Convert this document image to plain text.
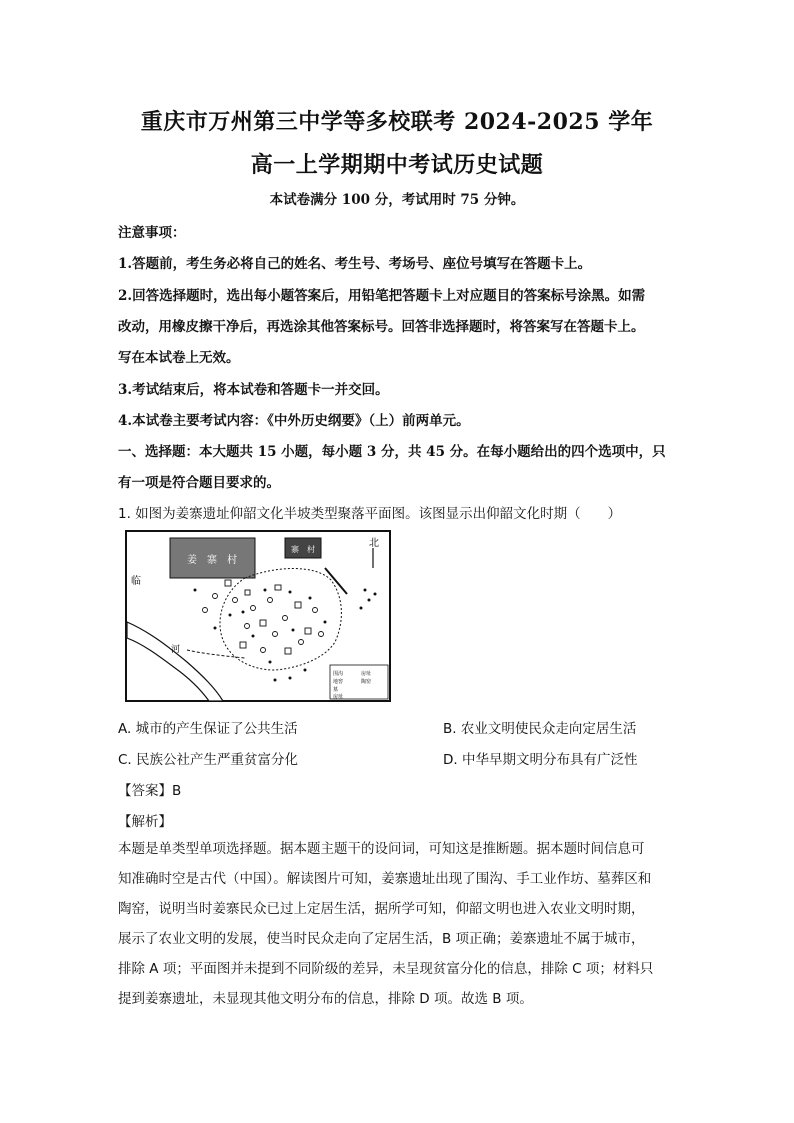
重庆市万州第三中学等多校联考 2024-2025 学年
高一上学期期中考试历史试题
本试卷满分 100 分，考试用时 75 分钟。
注意事项：
1.答题前，考生务必将自己的姓名、考生号、考场号、座位号填写在答题卡上。
2.回答选择题时，选出每小题答案后，用铅笔把答题卡上对应题目的答案标号涂黑。如需
改动，用橡皮擦干净后，再选涂其他答案标号。回答非选择题时，将答案写在答题卡上。
写在本试卷上无效。
3.考试结束后，将本试卷和答题卡一并交回。
4.本试卷主要考试内容：《中外历史纲要》（上）前两单元。
一、选择题：本大题共 15 小题，每小题 3 分，共 45 分。在每小题给出的四个选项中，只
有一项是符合题目要求的。
1. 如图为姜寨遗址仰韶文化半坡类型聚落平面图。该图显示出仰韶文化时期（　　）
姜　寨　村
寨　村
北
临
河
围沟	房址
地窖	陶窑
墓
房址
A. 城市的产生保证了公共生活	B. 农业文明使民众走向定居生活
C. 民族公社产生严重贫富分化	D. 中华早期文明分布具有广泛性
【答案】B
【解析】
本题是单类型单项选择题。据本题主题干的设问词，可知这是推断题。据本题时间信息可
知准确时空是古代（中国）。解读图片可知，姜寨遗址出现了围沟、手工业作坊、墓葬区和
陶窑，说明当时姜寨民众已过上定居生活，据所学可知，仰韶文明也进入农业文明时期，
展示了农业文明的发展，使当时民众走向了定居生活，B 项正确；姜寨遗址不属于城市，
排除 A 项；平面图并未提到不同阶级的差异，未呈现贫富分化的信息，排除 C 项；材料只
提到姜寨遗址，未显现其他文明分布的信息，排除 D 项。故选 B 项。
